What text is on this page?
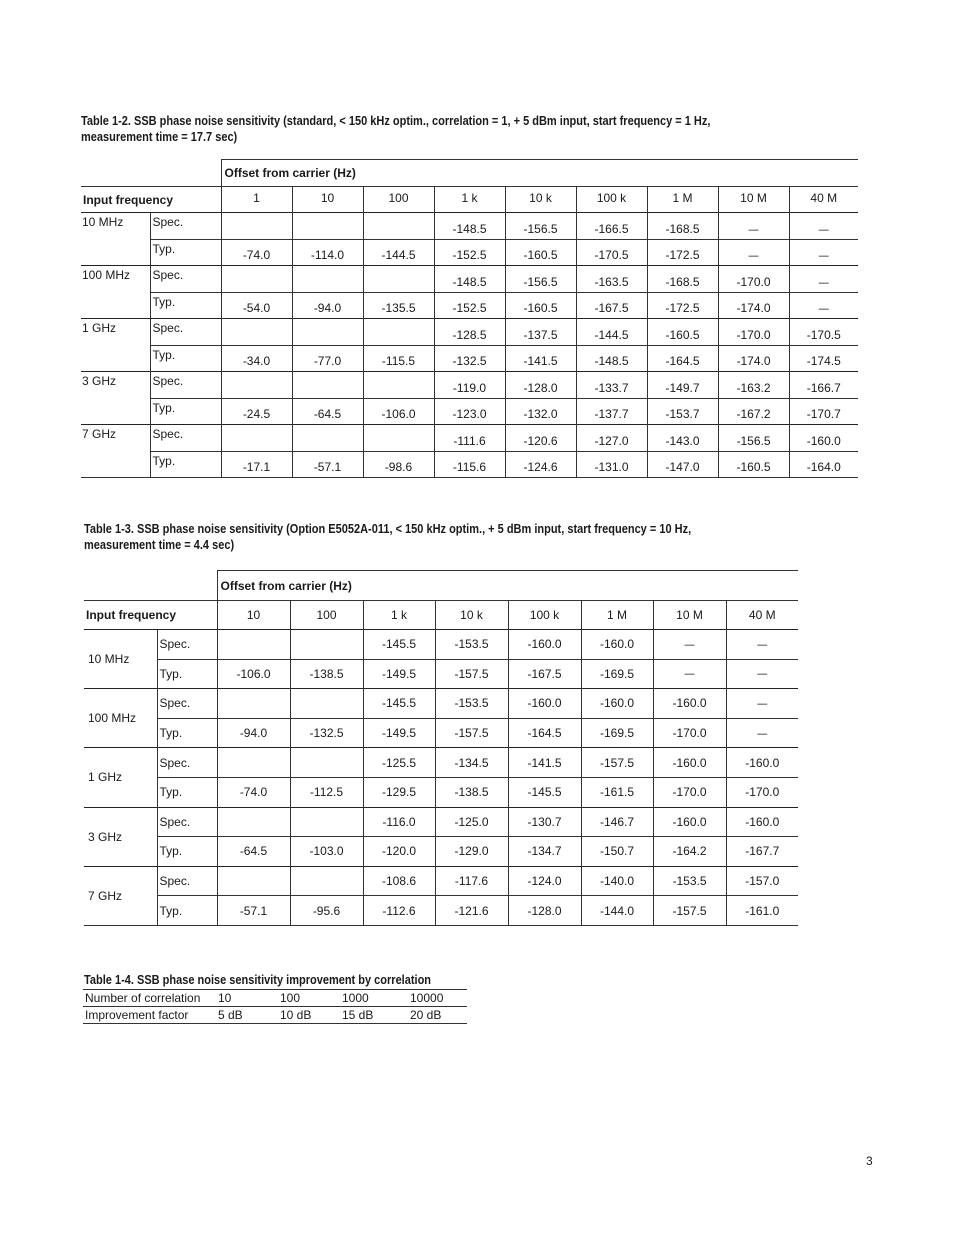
Table 1-2. SSB phase noise sensitivity (standard, < 150 kHz optim., correlation = 1, + 5 dBm input, start frequency = 1 Hz,
measurement time = 17.7 sec)
		Offset from carrier (Hz)								
Input frequency		1	10	100	1 k	10 k	100 k	1 M	10 M	40 M
10 MHz	Spec.				-148.5	-156.5	-166.5	-168.5	—	—
	Typ.	-74.0	-114.0	-144.5	-152.5	-160.5	-170.5	-172.5	—	—
100 MHz	Spec.				-148.5	-156.5	-163.5	-168.5	-170.0	—
	Typ.	-54.0	-94.0	-135.5	-152.5	-160.5	-167.5	-172.5	-174.0	—
1 GHz	Spec.				-128.5	-137.5	-144.5	-160.5	-170.0	-170.5
	Typ.	-34.0	-77.0	-115.5	-132.5	-141.5	-148.5	-164.5	-174.0	-174.5
3 GHz	Spec.				-119.0	-128.0	-133.7	-149.7	-163.2	-166.7
	Typ.	-24.5	-64.5	-106.0	-123.0	-132.0	-137.7	-153.7	-167.2	-170.7
7 GHz	Spec.				-111.6	-120.6	-127.0	-143.0	-156.5	-160.0
	Typ.	-17.1	-57.1	-98.6	-115.6	-124.6	-131.0	-147.0	-160.5	-164.0
Table 1-3. SSB phase noise sensitivity (Option E5052A-011, < 150 kHz optim., + 5 dBm input, start frequency = 10 Hz,
measurement time = 4.4 sec)
		Offset from carrier (Hz)							
Input frequency		10	100	1 k	10 k	100 k	1 M	10 M	40 M
10 MHz	Spec.			-145.5	-153.5	-160.0	-160.0	—	—
	Typ.	-106.0	-138.5	-149.5	-157.5	-167.5	-169.5	—	—
100 MHz	Spec.			-145.5	-153.5	-160.0	-160.0	-160.0	—
	Typ.	-94.0	-132.5	-149.5	-157.5	-164.5	-169.5	-170.0	—
1 GHz	Spec.			-125.5	-134.5	-141.5	-157.5	-160.0	-160.0
	Typ.	-74.0	-112.5	-129.5	-138.5	-145.5	-161.5	-170.0	-170.0
3 GHz	Spec.			-116.0	-125.0	-130.7	-146.7	-160.0	-160.0
	Typ.	-64.5	-103.0	-120.0	-129.0	-134.7	-150.7	-164.2	-167.7
7 GHz	Spec.			-108.6	-117.6	-124.0	-140.0	-153.5	-157.0
	Typ.	-57.1	-95.6	-112.6	-121.6	-128.0	-144.0	-157.5	-161.0
Table 1-4. SSB phase noise sensitivity improvement by correlation
Number of correlation	10	100	1000	10000
Improvement factor	5 dB	10 dB	15 dB	20 dB
3
